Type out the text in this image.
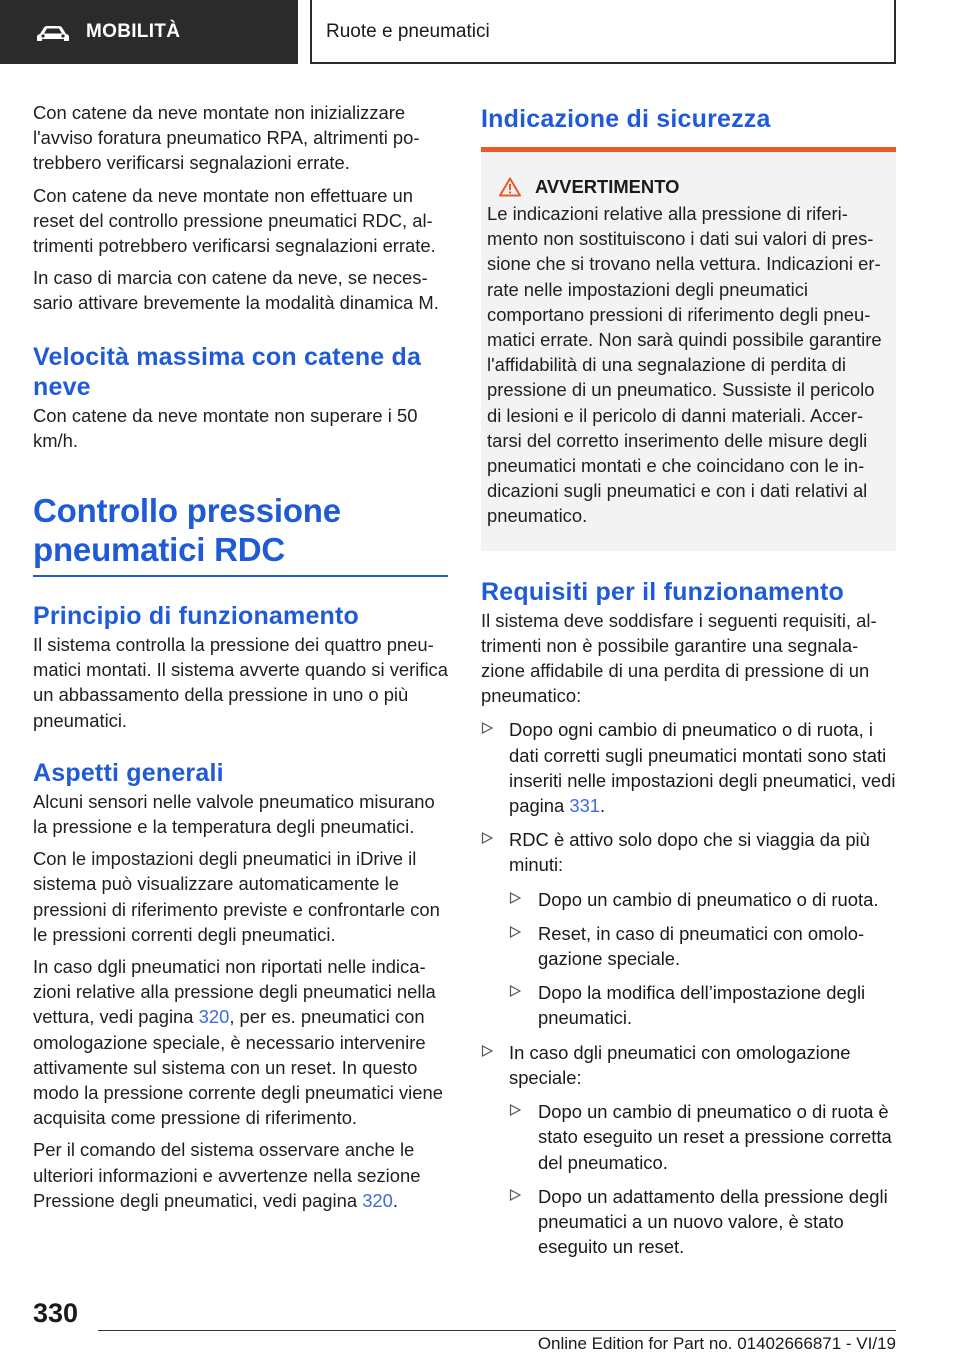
MOBILITÀ	Ruote e pneumatici

Con catene da neve montate non inizializzare l'avviso foratura pneumatico RPA, altrimenti potrebbero verificarsi segnalazioni errate.

Con catene da neve montate non effettuare un reset del controllo pressione pneumatici RDC, altrimenti potrebbero verificarsi segnalazioni errate.

In caso di marcia con catene da neve, se necessario attivare brevemente la modalità dinamica M.

Velocità massima con catene da neve

Con catene da neve montate non superare i 50 km/h.

Controllo pressione pneumatici RDC
Principio di funzionamento

Il sistema controlla la pressione dei quattro pneumatici montati. Il sistema avverte quando si verifica un abbassamento della pressione in uno o più pneumatici.

Aspetti generali

Alcuni sensori nelle valvole pneumatico misurano la pressione e la temperatura degli pneumatici.

Con le impostazioni degli pneumatici in iDrive il sistema può visualizzare automaticamente le pressioni di riferimento previste e confrontarle con le pressioni correnti degli pneumatici.

In caso dgli pneumatici non riportati nelle indicazioni relative alla pressione degli pneumatici nella vettura, vedi pagina 320, per es. pneumatici con omologazione speciale, è necessario intervenire attivamente sul sistema con un reset. In questo modo la pressione corrente degli pneumatici viene acquisita come pressione di riferimento.

Per il comando del sistema osservare anche le ulteriori informazioni e avvertenze nella sezione Pressione degli pneumatici, vedi pagina 320.

Indicazione di sicurezza
AVVERTIMENTO

Le indicazioni relative alla pressione di riferimento non sostituiscono i dati sui valori di pressione che si trovano nella vettura. Indicazioni errate nelle impostazioni degli pneumatici comportano pressioni di riferimento degli pneumatici errate. Non sarà quindi possibile garantire l'affidabilità di una segnalazione di perdita di pressione di un pneumatico. Sussiste il pericolo di lesioni e il pericolo di danni materiali. Accertarsi del corretto inserimento delle misure degli pneumatici montati e che coincidano con le indicazioni sugli pneumatici e con i dati relativi al pneumatico.

Requisiti per il funzionamento

Il sistema deve soddisfare i seguenti requisiti, altrimenti non è possibile garantire una segnalazione affidabile di una perdita di pressione di un pneumatico:

Dopo ogni cambio di pneumatico o di ruota, i dati corretti sugli pneumatici montati sono stati inseriti nelle impostazioni degli pneumatici, vedi pagina 331.
RDC è attivo solo dopo che si viaggia da più minuti:
Dopo un cambio di pneumatico o di ruota.
Reset, in caso di pneumatici con omologazione speciale.
Dopo la modifica dell’impostazione degli pneumatici.
In caso dgli pneumatici con omologazione speciale:
Dopo un cambio di pneumatico o di ruota è stato eseguito un reset a pressione corretta del pneumatico.
Dopo un adattamento della pressione degli pneumatici a un nuovo valore, è stato eseguito un reset.
330
Online Edition for Part no. 01402666871 - VI/19
